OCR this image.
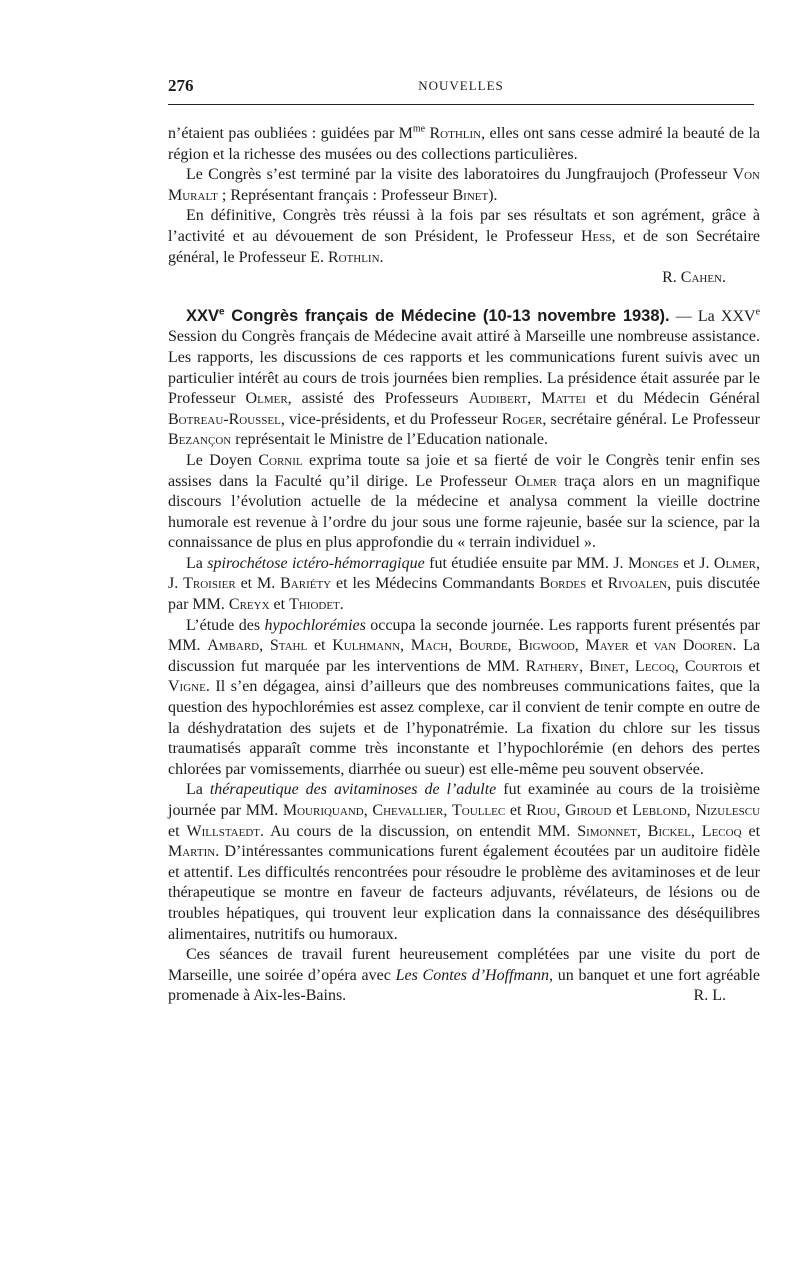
276	NOUVELLES

n’étaient pas oubliées : guidées par $M^{me}$ Rothlin, elles ont sans cesse admiré la beauté de la région et la richesse des musées ou des collections particulières.

Le Congrès s’est terminé par la visite des laboratoires du Jungfraujoch (Professeur Von Muralt ; Représentant français : Professeur Binet).

En définitive, Congrès très réussi à la fois par ses résultats et son agrément, grâce à l’activité et au dévouement de son Président, le Professeur Hess, et de son Secrétaire général, le Professeur E. Rothlin.

R. Cahen.

XXVe Congrès français de Médecine (10-13 novembre 1938). — La XXVe Session du Congrès français de Médecine avait attiré à Marseille une nombreuse assistance. Les rapports, les discussions de ces rapports et les communications furent suivis avec un particulier intérêt au cours de trois journées bien remplies. La présidence était assurée par le Professeur Olmer, assisté des Professeurs Audibert, Mattei et du Médecin Général Botreau-Roussel, vice-présidents, et du Professeur Roger, secrétaire général. Le Professeur Bezançon représentait le Ministre de l’Education nationale.

Le Doyen Cornil exprima toute sa joie et sa fierté de voir le Congrès tenir enfin ses assises dans la Faculté qu’il dirige. Le Professeur Olmer traça alors en un magnifique discours l’évolution actuelle de la médecine et analysa comment la vieille doctrine humorale est revenue à l’ordre du jour sous une forme rajeunie, basée sur la science, par la connaissance de plus en plus approfondie du « terrain individuel ».

La spirochétose ictéro-hémorragique fut étudiée ensuite par MM. J. Monges et J. Olmer, J. Troisier et M. Bariéty et les Médecins Commandants Bordes et Rivoalen, puis discutée par MM. Creyx et Thiodet.

L’étude des hypochlorémies occupa la seconde journée. Les rapports furent présentés par MM. Ambard, Stahl et Kulhmann, Mach, Bourde, Bigwood, Mayer et van Dooren. La discussion fut marquée par les interventions de MM. Rathery, Binet, Lecoq, Courtois et Vigne. Il s’en dégagea, ainsi d’ailleurs que des nombreuses communications faites, que la question des hypochlorémies est assez complexe, car il convient de tenir compte en outre de la déshydratation des sujets et de l’hyponatrémie. La fixation du chlore sur les tissus traumatisés apparaît comme très inconstante et l’hypochlorémie (en dehors des pertes chlorées par vomissements, diarrhée ou sueur) est elle-même peu souvent observée.

La thérapeutique des avitaminoses de l’adulte fut examinée au cours de la troisième journée par MM. Mouriquand, Chevallier, Toullec et Riou, Giroud et Leblond, Nizulescu et Willstaedt. Au cours de la discussion, on entendit MM. Simonnet, Bickel, Lecoq et Martin. D’intéressantes communications furent également écoutées par un auditoire fidèle et attentif. Les difficultés rencontrées pour résoudre le problème des avitaminoses et de leur thérapeutique se montre en faveur de facteurs adjuvants, révélateurs, de lésions ou de troubles hépatiques, qui trouvent leur explication dans la connaissance des déséquilibres alimentaires, nutritifs ou humoraux.

Ces séances de travail furent heureusement complétées par une visite du port de Marseille, une soirée d’opéra avec Les Contes d’Hoffmann, un banquet et une fort agréable promenade à Aix-les-Bains.	R. L.
